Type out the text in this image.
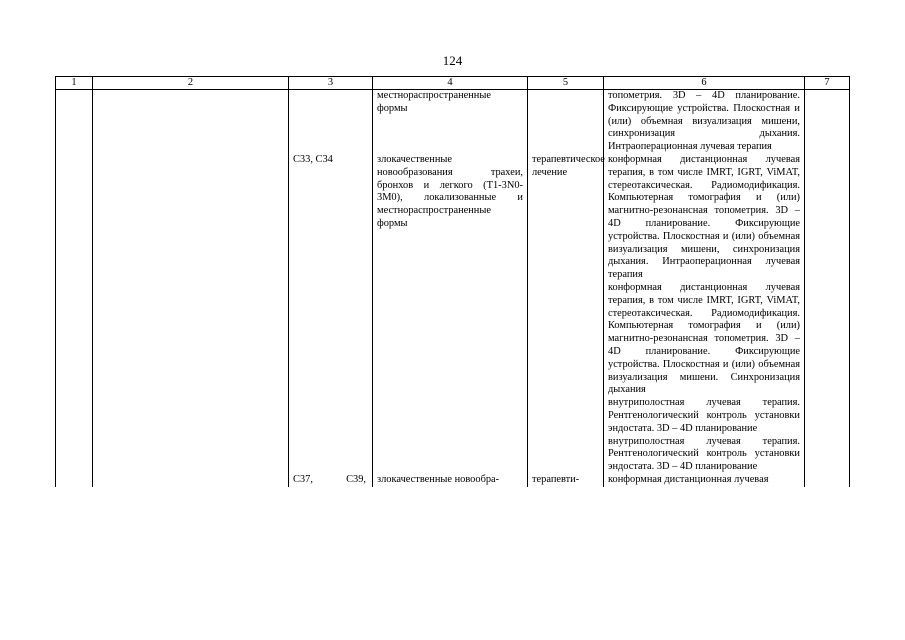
124
1	2	3	4	5	6	7
			местнораспространенные формы		топометрия. 3D – 4D планирование. Фиксирующие устройства. Плоскостная и (или) объемная визуализация мишени, синхронизация дыхания. Интраоперационная лучевая терапия	

		C33, C34	злокачественные новообразования трахеи, бронхов и легкого (T1-3N0-3M0), локализованные и местнораспространенные формы	терапевтическое лечение	конформная дистанционная лучевая терапия, в том числе IMRT, IGRT, ViMAT, стереотаксическая. Радиомодификация. Компьютерная томография и (или) магнитно-резонансная топометрия. 3D – 4D планирование. Фиксирующие устройства. Плоскостная и (или) объемная визуализация мишени, синхронизация дыхания. Интраоперационная лучевая терапия
конформная дистанционная лучевая терапия, в том числе IMRT, IGRT, ViMAT, стереотаксическая. Радиомодификация. Компьютерная томография и (или) магнитно-резонансная топометрия. 3D – 4D планирование. Фиксирующие устройства. Плоскостная и (или) объемная визуализация мишени. Синхронизация дыхания
внутриполостная лучевая терапия. Рентгенологический контроль установки эндостата. 3D – 4D планирование
внутриполостная лучевая терапия. Рентгенологический контроль установки эндостата. 3D – 4D планирование	

		C37, C39,	злокачественные новообра-	терапевти-	конформная дистанционная лучевая	
